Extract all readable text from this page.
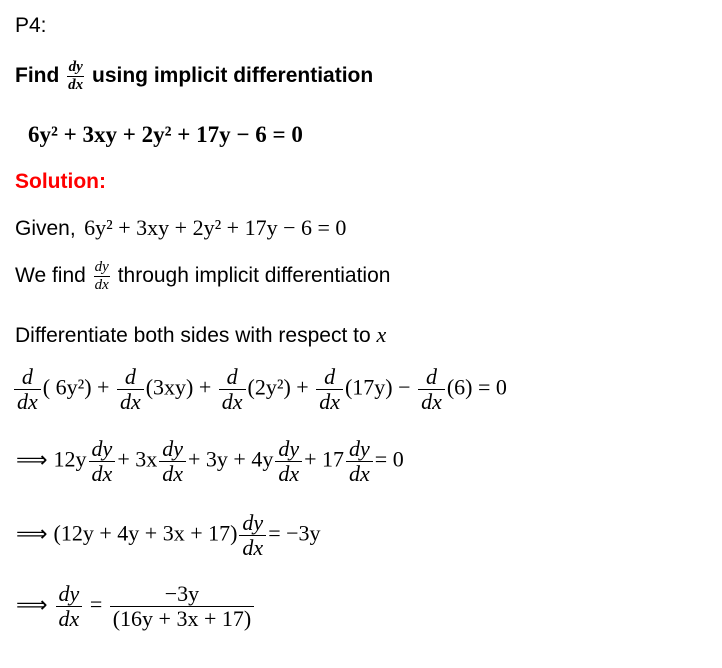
P4:
Find $\frac{dy}{dx}$ using implicit differentiation
6y² + 3xy + 2y² + 17y − 6 = 0
Solution:
Given, 6y² + 3xy + 2y² + 17y − 6 = 0
We find $\frac{dy}{dx}$ through implicit differentiation
Differentiate both sides with respect to x
$\frac{d}{dx}$ ( $6y^2) + \frac{d}{dx} (3xy) + \frac{d}{dx} (2y^2) + \frac{d}{dx} (17y) - \frac{d}{dx} (6) = 0$
⟹ $12y \frac{dy}{dx} + 3x \frac{dy}{dx} + 3y + 4y \frac{dy}{dx} + 17 \frac{dy}{dx} = 0$
⟹ $(12y + 4y + 3x + 17) \frac{dy}{dx} = -3y$
⟹ $\frac{dy}{dx} = \frac{-3y}{(16y + 3x + 17)}$
